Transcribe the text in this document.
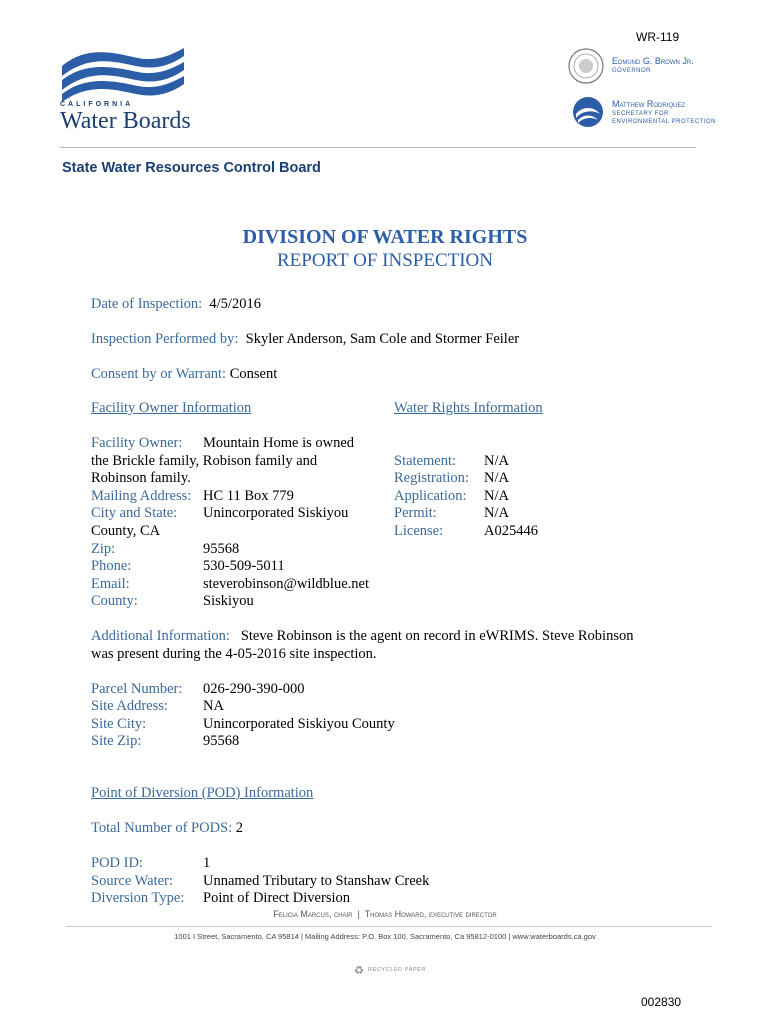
WR-119
CALIFORNIA
Water Boards
Edmund G. Brown Jr.
GOVERNOR
Matthew Rodriquez
SECRETARY FOR
ENVIRONMENTAL PROTECTION
State Water Resources Control Board
DIVISION OF WATER RIGHTS
REPORT OF INSPECTION
Date of Inspection: 4/5/2016
Inspection Performed by: Skyler Anderson, Sam Cole and Stormer Feiler
Consent by or Warrant: Consent
Facility Owner Information	Water Rights Information
Facility Owner: Mountain Home is owned
the Brickle family, Robison family and
Robinson family.
Mailing Address: HC 11 Box 779
City and State: Unincorporated Siskiyou
County, CA
Zip:	95568
Phone:	530-509-5011
Email:	steverobinson@wildblue.net
County:	Siskiyou
Statement: N/A
Registration: N/A
Application: N/A
Permit:	N/A
License:	A025446
Additional Information: Steve Robinson is the agent on record in eWRIMS. Steve Robinson
was present during the 4-05-2016 site inspection.
Parcel Number: 026-290-390-000
Site Address: NA
Site City:	Unincorporated Siskiyou County
Site Zip:	95568
Point of Diversion (POD) Information
Total Number of PODS: 2
POD ID:	1
Source Water: Unnamed Tributary to Stanshaw Creek
Diversion Type: Point of Direct Diversion
Felicia Marcus, chair  |  Thomas Howard, executive director
1001 I Street, Sacramento, CA 95814 | Mailing Address: P.O. Box 100, Sacramento, Ca 95812-0100 | www.waterboards.ca.gov
♻ RECYCLED PAPER
002830
